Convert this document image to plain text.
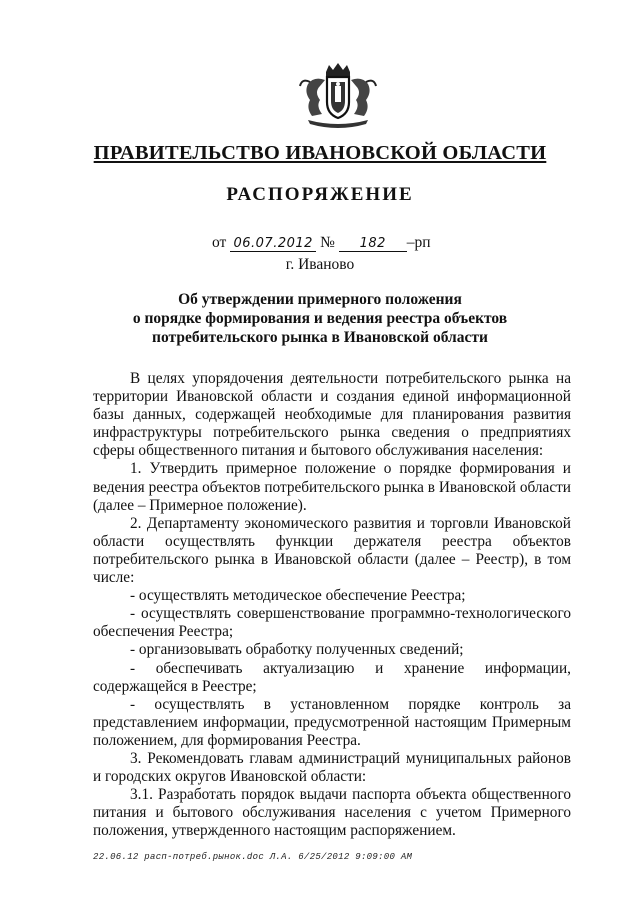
ПРАВИТЕЛЬСТВО ИВАНОВСКОЙ ОБЛАСТИ
РАСПОРЯЖЕНИЕ
от 06.07.2012 № 182 –рп
г. Иваново
Об утверждении примерного положения
о порядке формирования и ведения реестра объектов
потребительского рынка в Ивановской области

В целях упорядочения деятельности потребительского рынка на территории Ивановской области и создания единой информационной базы данных, содержащей необходимые для планирования развития инфраструктуры потребительского рынка сведения о предприятиях сферы общественного питания и бытового обслуживания населения:

1. Утвердить примерное положение о порядке формирования и ведения реестра объектов потребительского рынка в Ивановской области (далее – Примерное положение).

2. Департаменту экономического развития и торговли Ивановской области осуществлять функции держателя реестра объектов потребительского рынка в Ивановской области (далее – Реестр), в том числе:

- осуществлять методическое обеспечение Реестра;

- осуществлять совершенствование программно-технологического обеспечения Реестра;

- организовывать обработку полученных сведений;

- обеспечивать актуализацию и хранение информации, содержащейся в Реестре;

- осуществлять в установленном порядке контроль за представлением информации, предусмотренной настоящим Примерным положением, для формирования Реестра.

3. Рекомендовать главам администраций муниципальных районов и городских округов Ивановской области:

3.1. Разработать порядок выдачи паспорта объекта общественного питания и бытового обслуживания населения с учетом Примерного положения, утвержденного настоящим распоряжением.

22.06.12 расп-потреб.рынок.doc Л.А. 6/25/2012 9:09:00 AM
